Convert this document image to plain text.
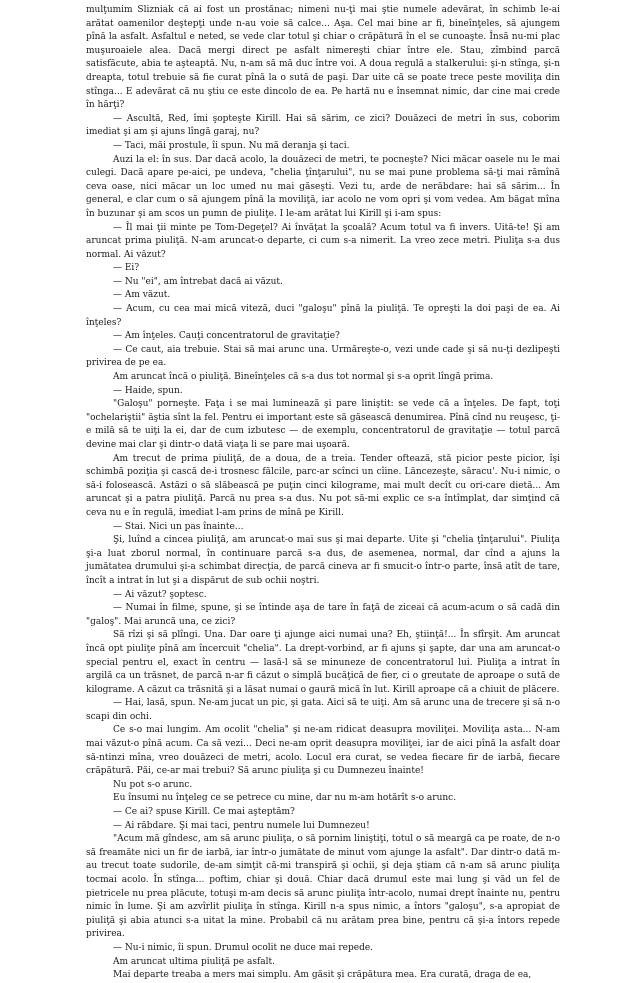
mulţumim Slizniak că ai fost un prostănac; nimeni nu-ţi mai ştie numele adevărat, în schimb le-ai arătat oamenilor deştepţi unde n-au voie să calce... Aşa. Cel mai bine ar fi, bineînţeles, să ajungem pînă la asfalt. Asfaltul e neted, se vede clar totul şi chiar o crăpătură în el se cunoaşte. Însă nu-mi plac muşuroaiele alea. Dacă mergi direct pe asfalt nimereşti chiar între ele. Stau, zîmbind parcă satisfăcute, abia te aşteaptă. Nu, n-am să mă duc între voi. A doua regulă a stalkerului: şi-n stînga, şi-n dreapta, totul trebuie să fie curat pînă la o sută de paşi. Dar uite că se poate trece peste moviliţa din stînga... E adevărat că nu ştiu ce este dincolo de ea. Pe hartă nu e însemnat nimic, dar cine mai crede în hărţi?

— Ascultă, Red, îmi şopteşte Kirill. Hai să sărim, ce zici? Douăzeci de metri în sus, coborim imediat şi am şi ajuns lîngă garaj, nu?

— Taci, măi prostule, îi spun. Nu mă deranja şi taci.

Auzi la el: în sus. Dar dacă acolo, la douăzeci de metri, te pocneşte? Nici măcar oasele nu le mai culegi. Dacă apare pe-aici, pe undeva, "chelia ţînţarului", nu se mai pune problema să-ţi mai rămînă ceva oase, nici măcar un loc umed nu mai găseşti. Vezi tu, arde de nerăbdare: hai să sărim... În general, e clar cum o să ajungem pînă la moviliţă, iar acolo ne vom opri şi vom vedea. Am băgat mîna în buzunar şi am scos un pumn de piuliţe. I le-am arătat lui Kirill şi i-am spus:

— Îl mai ţii minte pe Tom-Degeţel? Ai învăţat la şcoală? Acum totul va fi invers. Uită-te! Şi am aruncat prima piuliţă. N-am aruncat-o departe, ci cum s-a nimerit. La vreo zece metri. Piuliţa s-a dus normal. Ai văzut?

— Ei?

— Nu "ei", am întrebat dacă ai văzut.

— Am văzut.

— Acum, cu cea mai mică viteză, duci "galoşu" pînă la piuliţă. Te opreşti la doi paşi de ea. Ai înţeles?

— Am înţeles. Cauţi concentratorul de gravitaţie?

— Ce caut, aia trebuie. Stai să mai arunc una. Urmăreşte-o, vezi unde cade şi să nu-ţi dezlipeşti privirea de pe ea.

Am aruncat încă o piuliţă. Bineînţeles că s-a dus tot normal şi s-a oprit lîngă prima.

— Haide, spun.

"Galoşu" porneşte. Faţa i se mai luminează şi pare liniştit: se vede că a înţeles. De fapt, toţi "ochelariştii" ăştia sînt la fel. Pentru ei important este să găsească denumirea. Pînă cînd nu reuşesc, ţi-e milă să te uiţi la ei, dar de cum izbutesc — de exemplu, concentratorul de gravitaţie — totul parcă devine mai clar şi dintr-o dată viaţa li se pare mai uşoară.

Am trecut de prima piuliţă, de a doua, de a treia. Tender oftează, stă picior peste picior, îşi schimbă poziţia şi cască de-i trosnesc fălcile, parc-ar scînci un cîine. Lăncezeşte, săracu'. Nu-i nimic, o să-i folosească. Astăzi o să slăbească pe puţin cinci kilograme, mai mult decît cu ori-care dietă... Am aruncat şi a patra piuliţă. Parcă nu prea s-a dus. Nu pot să-mi explic ce s-a întîmplat, dar simţind că ceva nu e în regulă, imediat l-am prins de mînă pe Kirill.

— Stai. Nici un pas înainte...

Şi, luînd a cincea piuliţă, am aruncat-o mai sus şi mai departe. Uite şi "chelia ţînţarului". Piuliţa şi-a luat zborul normal, în continuare parcă s-a dus, de asemenea, normal, dar cînd a ajuns la jumătatea drumului şi-a schimbat direcţia, de parcă cineva ar fi smucit-o într-o parte, însă atît de tare, încît a intrat în lut şi a dispărut de sub ochii noştri.

— Ai văzut? şoptesc.

— Numai în filme, spune, şi se întinde aşa de tare în faţă de ziceai că acum-acum o să cadă din "galoş". Mai aruncă una, ce zici?

Să rîzi şi să plîngi. Una. Dar oare ţi ajunge aici numai una? Eh, ştiinţă!... În sfîrşit. Am aruncat încă opt piuliţe pînă am încercuit "chelia". La drept-vorbind, ar fi ajuns şi şapte, dar una am aruncat-o special pentru el, exact în centru — lasă-l să se minuneze de concentratorul lui. Piuliţa a intrat în argilă ca un trăsnet, de parcă n-ar fi căzut o simplă bucăţică de fier, ci o greutate de aproape o sută de kilograme. A căzut ca trăsnită şi a lăsat numai o gaură mică în lut. Kirill aproape că a chiuit de plăcere.

— Hai, lasă, spun. Ne-am jucat un pic, şi gata. Aici să te uiţi. Am să arunc una de trecere şi să n-o scapi din ochi.

Ce s-o mai lungim. Am ocolit "chelia" şi ne-am ridicat deasupra moviliţei. Moviliţa asta... N-am mai văzut-o pînă acum. Ca să vezi... Deci ne-am oprit deasupra moviliţei, iar de aici pînă la asfalt doar să-ntinzi mîna, vreo douăzeci de metri, acolo. Locul era curat, se vedea fiecare fir de iarbă, fiecare crăpătură. Păi, ce-ar mai trebui? Să arunc piuliţa şi cu Dumnezeu înainte!

Nu pot s-o arunc.

Eu însumi nu înţeleg ce se petrece cu mine, dar nu m-am hotărît s-o arunc.

— Ce ai? spuse Kirill. Ce mai aşteptăm?

— Ai răbdare. Şi mai taci, pentru numele lui Dumnezeu!

"Acum mă gîndesc, am să arunc piuliţa, o să pornim liniştiţi, totul o să meargă ca pe roate, de n-o să freamăte nici un fir de iarbă, iar într-o jumătate de minut vom ajunge la asfalt". Dar dintr-o dată m-au trecut toate sudorile, de-am simţit că-mi transpiră şi ochii, şi deja ştiam că n-am să arunc piuliţa tocmai acolo. În stînga... poftim, chiar şi două. Chiar dacă drumul este mai lung şi văd un fel de pietricele nu prea plăcute, totuşi m-am decis să arunc piuliţa într-acolo, numai drept înainte nu, pentru nimic în lume. Şi am azvîrlit piuliţa în stînga. Kirill n-a spus nimic, a întors "galoşu", s-a apropiat de piuliţă şi abia atunci s-a uitat la mine. Probabil că nu arătam prea bine, pentru că şi-a întors repede privirea.

— Nu-i nimic, îi spun. Drumul ocolit ne duce mai repede.

Am aruncat ultima piuliţă pe asfalt.

Mai departe treaba a mers mai simplu. Am găsit şi crăpătura mea. Era curată, draga de ea,
